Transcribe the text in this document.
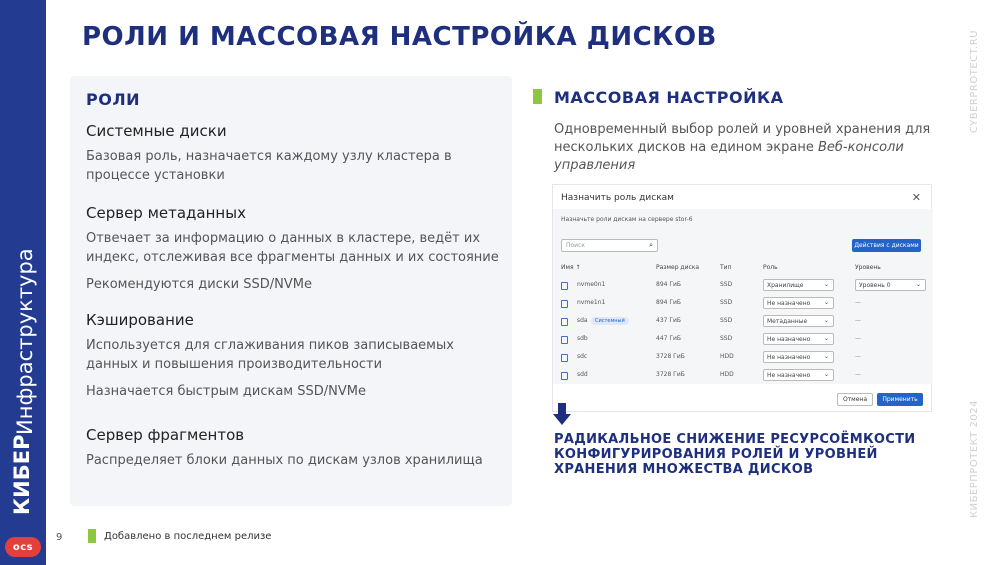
КИБЕР
Инфраструктура
ocs
РОЛИ И МАССОВАЯ НАСТРОЙКА ДИСКОВ	CYBERPROTECT.RU
КИБЕРПРОТЕКТ 2024
РОЛИ
Системные диски
Базовая роль, назначается каждому узлу кластера в процессе установки
Сервер метаданных
Отвечает за информацию о данных в кластере, ведёт их индекс, отслеживая все фрагменты данных и их состояние
Рекомендуются диски SSD/NVMe
Кэширование
Используется для сглаживания пиков записываемых данных и повышения производительности
Назначается быстрым дискам SSD/NVMe
Сервер фрагментов
Распределяет блоки данных по дискам узлов хранилища
МАССОВАЯ НАСТРОЙКА
Одновременный выбор ролей и уровней хранения для нескольких дисков на едином экране Веб-консоли управления
Назначить роль дискам	✕
Назначьте роли дискам на сервере stor-6
Поиск	⌕	Действия с дисками
Имя ↑	Размер диска	Тип	Роль	Уровень
nvme0n1	894 ГиБ	SSD	Хранилище	⌄	Уровень 0	⌄
nvme1n1	894 ГиБ	SSD	Не назначено ⌄	—
sda	Системный	437 ГиБ	SSD	Метаданные	⌄	—
sdb	447 ГиБ	SSD	Не назначено ⌄	—
sdc	3728 ГиБ	HDD	Не назначено ⌄	—
sdd	3728 ГиБ	HDD	Не назначено ⌄	—
Отмена	Применить
РАДИКАЛЬНОЕ СНИЖЕНИЕ РЕСУРСОЁМКОСТИ КОНФИГУРИРОВАНИЯ РОЛЕЙ И УРОВНЕЙ ХРАНЕНИЯ МНОЖЕСТВА ДИСКОВ
9	Добавлено в последнем релизе
